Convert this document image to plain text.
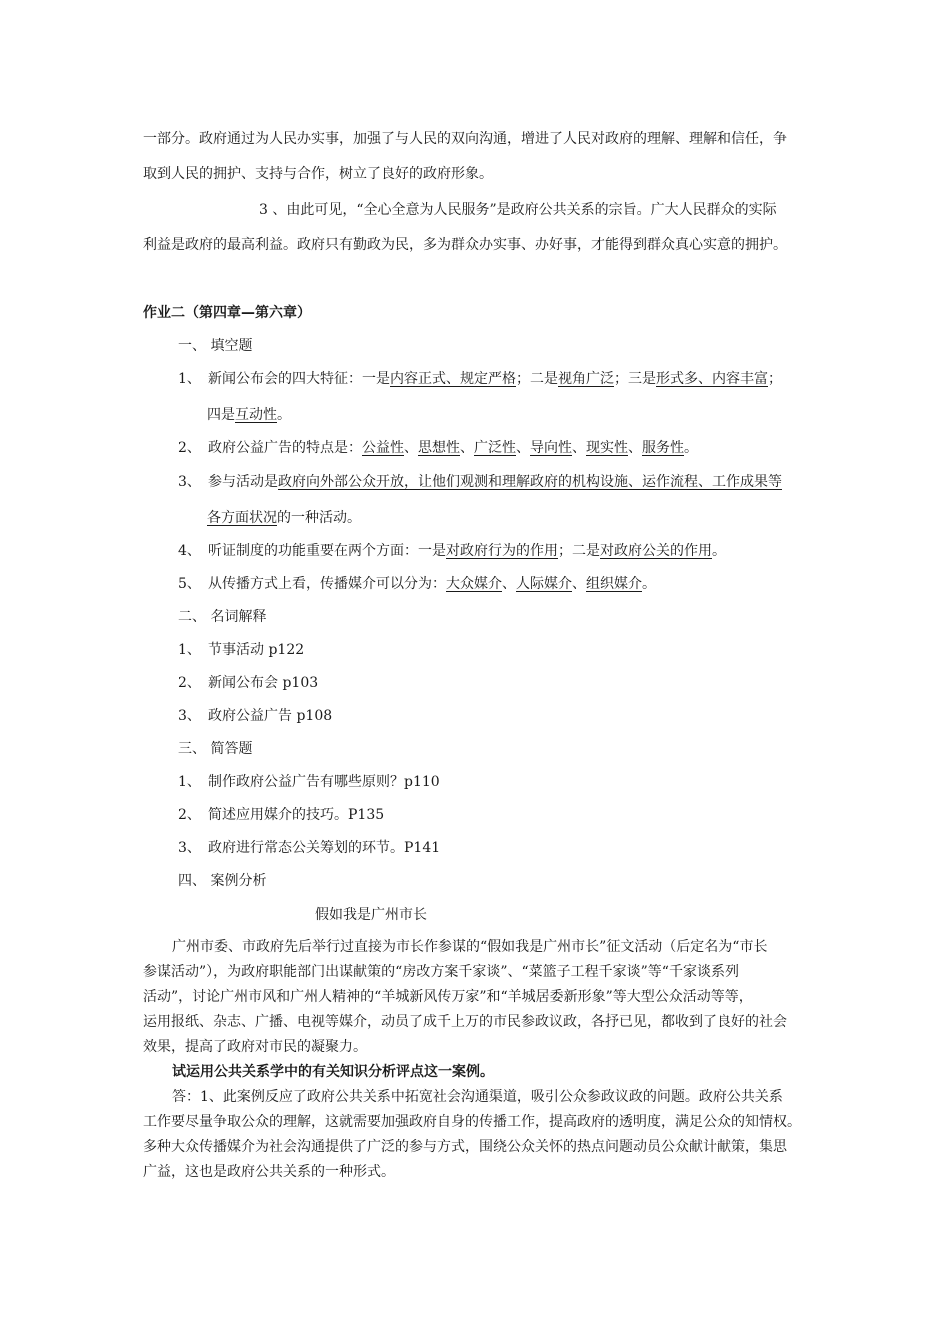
一部分。政府通过为人民办实事，加强了与人民的双向沟通，增进了人民对政府的理解、理解和信任，争
取到人民的拥护、支持与合作，树立了良好的政府形象。
3 、由此可见，“全心全意为人民服务”是政府公共关系的宗旨。广大人民群众的实际
利益是政府的最高利益。政府只有勤政为民，多为群众办实事、办好事，才能得到群众真心实意的拥护。
作业二（第四章—第六章）
一、 填空题
1、 新闻公布会的四大特征：一是内容正式、规定严格；二是视角广泛；三是形式多、内容丰富；
四是互动性。
2、 政府公益广告的特点是：公益性、思想性、广泛性、导向性、现实性、服务性。
3、 参与活动是政府向外部公众开放，让他们观测和理解政府的机构设施、运作流程、工作成果等
各方面状况的一种活动。
4、 听证制度的功能重要在两个方面：一是对政府行为的作用；二是对政府公关的作用。
5、 从传播方式上看，传播媒介可以分为：大众媒介、人际媒介、组织媒介。
二、 名词解释
1、 节事活动 p122
2、 新闻公布会 p103
3、 政府公益广告 p108
三、 简答题
1、 制作政府公益广告有哪些原则？p110
2、 简述应用媒介的技巧。P135
3、 政府进行常态公关筹划的环节。P141
四、 案例分析
假如我是广州市长
广州市委、市政府先后举行过直接为市长作参谋的“假如我是广州市长”征文活动（后定名为“市长
参谋活动”），为政府职能部门出谋献策的“房改方案千家谈”、“菜篮子工程千家谈”等“千家谈系列
活动”，讨论广州市风和广州人精神的“羊城新风传万家”和“羊城居委新形象”等大型公众活动等等，
运用报纸、杂志、广播、电视等媒介，动员了成千上万的市民参政议政，各抒已见，都收到了良好的社会
效果，提高了政府对市民的凝聚力。
试运用公共关系学中的有关知识分析评点这一案例。
答：1、此案例反应了政府公共关系中拓宽社会沟通渠道，吸引公众参政议政的问题。政府公共关系
工作要尽量争取公众的理解，这就需要加强政府自身的传播工作，提高政府的透明度，满足公众的知情权。
多种大众传播媒介为社会沟通提供了广泛的参与方式，围绕公众关怀的热点问题动员公众献计献策，集思
广益，这也是政府公共关系的一种形式。
